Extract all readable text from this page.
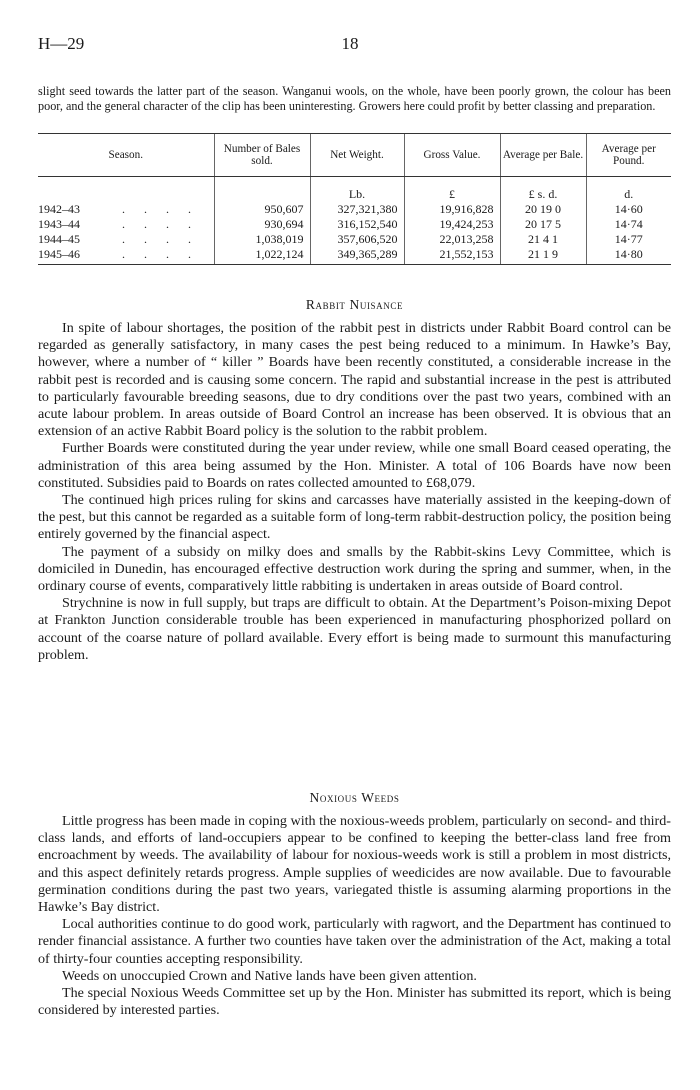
H—29	18

slight seed towards the latter part of the season. Wanganui wools, on the whole, have been poorly grown, the colour has been poor, and the general character of the clip has been uninteresting. Growers here could profit by better classing and preparation.

Season.	Number of Bales sold.	Net Weight.	Gross Value.	Average per Bale.	Average per Pound.

		Lb.	£	£ s. d.	d.
1942–43 . . . .	950,607	327,321,380	19,916,828	20 19 0	14·60
1943–44 . . . .	930,694	316,152,540	19,424,253	20 17 5	14·74
1944–45 . . . .	1,038,019	357,606,520	22,013,258	21 4 1	14·77
1945–46 . . . .	1,022,124	349,365,289	21,552,153	21 1 9	14·80
Rabbit Nuisance

In spite of labour shortages, the position of the rabbit pest in districts under Rabbit Board control can be regarded as generally satisfactory, in many cases the pest being reduced to a minimum. In Hawke’s Bay, however, where a number of “ killer ” Boards have been recently constituted, a considerable increase in the rabbit pest is recorded and is causing some concern. The rapid and substantial increase in the pest is attributed to particularly favourable breeding seasons, due to dry conditions over the past two years, combined with an acute labour problem. In areas outside of Board Control an increase has been observed. It is obvious that an extension of an active Rabbit Board policy is the solution to the rabbit problem.

Further Boards were constituted during the year under review, while one small Board ceased operating, the administration of this area being assumed by the Hon. Minister. A total of 106 Boards have now been constituted. Subsidies paid to Boards on rates collected amounted to £68,079.

The continued high prices ruling for skins and carcasses have materially assisted in the keeping-down of the pest, but this cannot be regarded as a suitable form of long-term rabbit-destruction policy, the position being entirely governed by the financial aspect.

The payment of a subsidy on milky does and smalls by the Rabbit-skins Levy Committee, which is domiciled in Dunedin, has encouraged effective destruction work during the spring and summer, when, in the ordinary course of events, comparatively little rabbiting is undertaken in areas outside of Board control.

Strychnine is now in full supply, but traps are difficult to obtain. At the Department’s Poison-mixing Depot at Frankton Junction considerable trouble has been experienced in manufacturing phosphorized pollard on account of the coarse nature of pollard available. Every effort is being made to surmount this manufacturing problem.

Noxious Weeds

Little progress has been made in coping with the noxious-weeds problem, particularly on second- and third-class lands, and efforts of land-occupiers appear to be confined to keeping the better-class land free from encroachment by weeds. The availability of labour for noxious-weeds work is still a problem in most districts, and this aspect definitely retards progress. Ample supplies of weedicides are now available. Due to favourable germination conditions during the past two years, variegated thistle is assuming alarming proportions in the Hawke’s Bay district.

Local authorities continue to do good work, particularly with ragwort, and the Department has continued to render financial assistance. A further two counties have taken over the administration of the Act, making a total of thirty-four counties accepting responsibility.

Weeds on unoccupied Crown and Native lands have been given attention.

The special Noxious Weeds Committee set up by the Hon. Minister has submitted its report, which is being considered by interested parties.
